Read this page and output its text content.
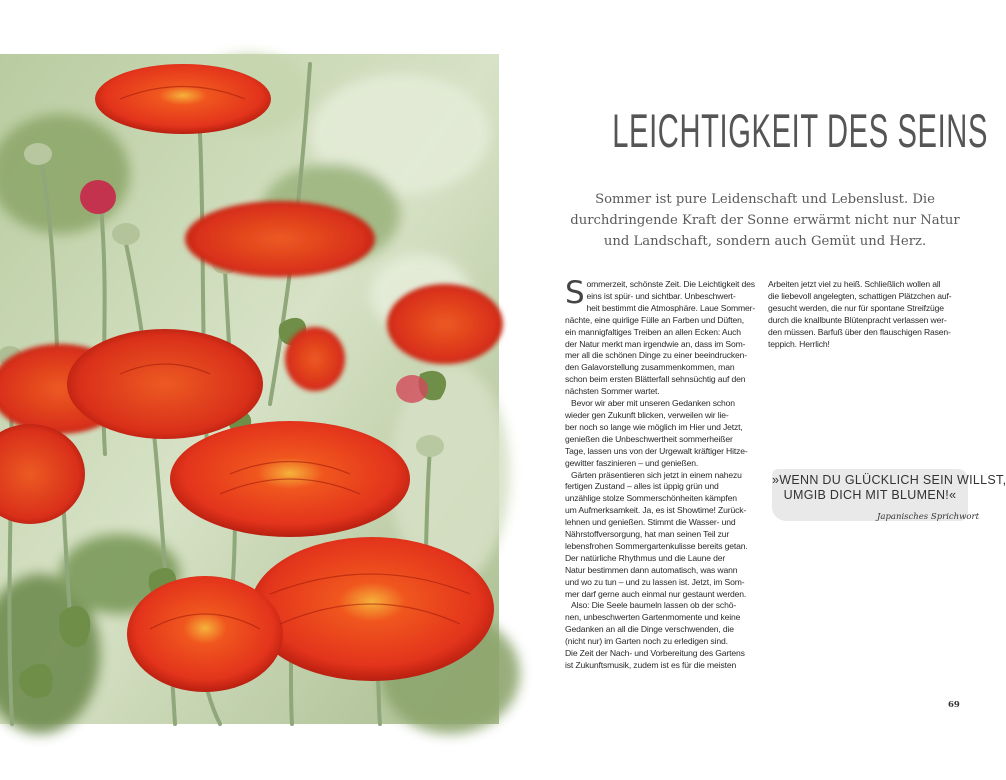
LEICHTIGKEIT DES SEINS

Sommer ist pure Leidenschaft und Lebenslust. Die
durchdringende Kraft der Sonne erwärmt nicht nur Natur
und Landschaft, sondern auch Gemüt und Herz.

S ommerzeit, schönste Zeit. Die Leichtigkeit des
eins ist spür- und sichtbar. Unbeschwert-
heit bestimmt die Atmosphäre. Laue Sommer-
nächte, eine quirlige Fülle an Farben und Düften,
ein mannigfaltiges Treiben an allen Ecken: Auch
der Natur merkt man irgendwie an, dass im Som-
mer all die schönen Dinge zu einer beeindrucken-
den Galavorstellung zusammenkommen, man
schon beim ersten Blätterfall sehnsüchtig auf den
nächsten Sommer wartet.

Bevor wir aber mit unseren Gedanken schon
wieder gen Zukunft blicken, verweilen wir lie-
ber noch so lange wie möglich im Hier und Jetzt,
genießen die Unbeschwertheit sommerheißer
Tage, lassen uns von der Urgewalt kräftiger Hitze-
gewitter faszinieren – und genießen.

Gärten präsentieren sich jetzt in einem nahezu
fertigen Zustand – alles ist üppig grün und
unzählige stolze Sommerschönheiten kämpfen
um Aufmerksamkeit. Ja, es ist Showtime! Zurück-
lehnen und genießen. Stimmt die Wasser- und
Nährstoffversorgung, hat man seinen Teil zur
lebensfrohen Sommergartenkulisse bereits getan.
Der natürliche Rhythmus und die Laune der
Natur bestimmen dann automatisch, was wann
und wo zu tun – und zu lassen ist. Jetzt, im Som-
mer darf gerne auch einmal nur gestaunt werden.

Also: Die Seele baumeln lassen ob der schö-
nen, unbeschwerten Gartenmomente und keine
Gedanken an all die Dinge verschwenden, die
(nicht nur) im Garten noch zu erledigen sind.
Die Zeit der Nach- und Vorbereitung des Gartens
ist Zukunftsmusik, zudem ist es für die meisten

Arbeiten jetzt viel zu heiß. Schließlich wollen all
die liebevoll angelegten, schattigen Plätzchen auf-
gesucht werden, die nur für spontane Streifzüge
durch die knallbunte Blütenpracht verlassen wer-
den müssen. Barfuß über den flauschigen Rasen-
teppich. Herrlich!

»WENN DU GLÜCKLICH SEIN WILLST,
UMGIB DICH MIT BLUMEN!«
Japanisches Sprichwort
69
